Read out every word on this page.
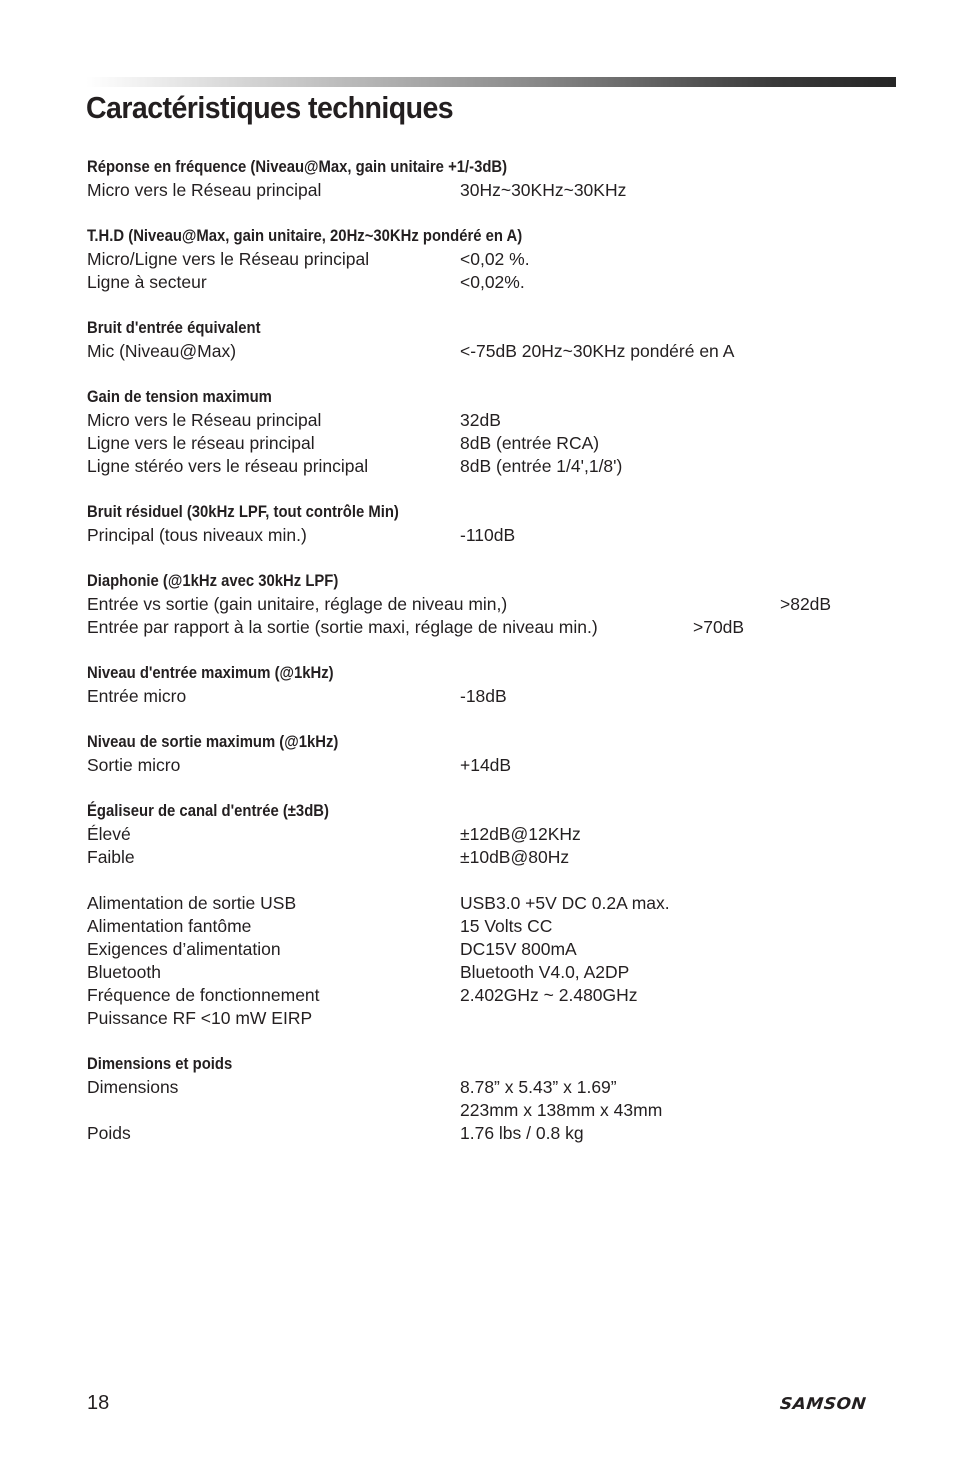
Caractéristiques techniques
Réponse en fréquence (Niveau@Max, gain unitaire +1/-3dB)
Micro vers le Réseau principal	30Hz~30KHz~30KHz
T.H.D (Niveau@Max, gain unitaire, 20Hz~30KHz pondéré en A)
Micro/Ligne vers le Réseau principal	<0,02 %.
Ligne à secteur	<0,02%.
Bruit d'entrée équivalent
Mic (Niveau@Max)	<-75dB 20Hz~30KHz pondéré en A
Gain de tension maximum
Micro vers le Réseau principal	32dB
Ligne vers le réseau principal	8dB (entrée RCA)
Ligne stéréo vers le réseau principal	8dB (entrée 1/4',1/8')
Bruit résiduel (30kHz LPF, tout contrôle Min)
Principal (tous niveaux min.)	-110dB
Diaphonie (@1kHz avec 30kHz LPF)
Entrée vs sortie (gain unitaire, réglage de niveau min,)	>82dB
Entrée par rapport à la sortie (sortie maxi, réglage de niveau min.)	>70dB
Niveau d'entrée maximum (@1kHz)
Entrée micro	-18dB
Niveau de sortie maximum (@1kHz)
Sortie micro	+14dB
Égaliseur de canal d'entrée (±3dB)
Élevé	±12dB@12KHz
Faible	±10dB@80Hz
Alimentation de sortie USB	USB3.0 +5V DC 0.2A max.
Alimentation fantôme	15 Volts CC
Exigences d’alimentation	DC15V 800mA
Bluetooth	Bluetooth V4.0, A2DP
Fréquence de fonctionnement	2.402GHz ~ 2.480GHz
Puissance RF <10 mW EIRP
Dimensions et poids
Dimensions	8.78” x 5.43” x 1.69”
223mm x 138mm x 43mm
Poids	1.76 lbs / 0.8 kg
18	SAMSON
